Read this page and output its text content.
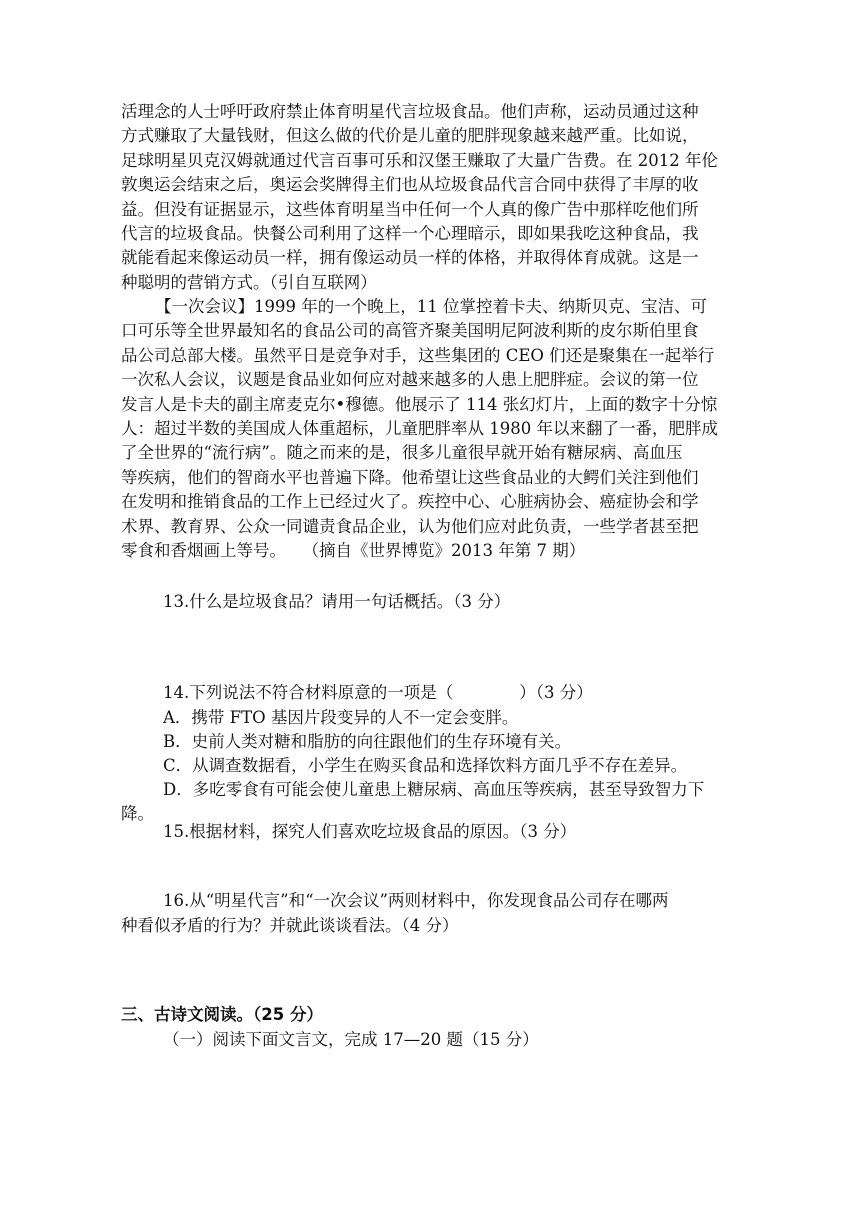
活理念的人士呼吁政府禁止体育明星代言垃圾食品。他们声称，运动员通过这种
方式赚取了大量钱财，但这么做的代价是儿童的肥胖现象越来越严重。比如说，
足球明星贝克汉姆就通过代言百事可乐和汉堡王赚取了大量广告费。在 2012 年伦
敦奥运会结束之后，奥运会奖牌得主们也从垃圾食品代言合同中获得了丰厚的收
益。但没有证据显示，这些体育明星当中任何一个人真的像广告中那样吃他们所
代言的垃圾食品。快餐公司利用了这样一个心理暗示，即如果我吃这种食品，我
就能看起来像运动员一样，拥有像运动员一样的体格，并取得体育成就。这是一
种聪明的营销方式。（引自互联网）
【一次会议】1999 年的一个晚上，11 位掌控着卡夫、纳斯贝克、宝洁、可
口可乐等全世界最知名的食品公司的高管齐聚美国明尼阿波利斯的皮尔斯伯里食
品公司总部大楼。虽然平日是竞争对手，这些集团的 CEO 们还是聚集在一起举行
一次私人会议，议题是食品业如何应对越来越多的人患上肥胖症。会议的第一位
发言人是卡夫的副主席麦克尔•穆德。他展示了 114 张幻灯片，上面的数字十分惊
人：超过半数的美国成人体重超标，儿童肥胖率从 1980 年以来翻了一番，肥胖成
了全世界的“流行病”。随之而来的是，很多儿童很早就开始有糖尿病、高血压
等疾病，他们的智商水平也普遍下降。他希望让这些食品业的大鳄们关注到他们
在发明和推销食品的工作上已经过火了。疾控中心、心脏病协会、癌症协会和学
术界、教育界、公众一同谴责食品企业，认为他们应对此负责，一些学者甚至把
零食和香烟画上等号。　　（摘自《世界博览》2013 年第 7 期）

13.什么是垃圾食品？请用一句话概括。（3 分）

14.下列说法不符合材料原意的一项是（　　　　）（3 分）

A．携带 FTO 基因片段变异的人不一定会变胖。

B．史前人类对糖和脂肪的向往跟他们的生存环境有关。

C．从调查数据看，小学生在购买食品和选择饮料方面几乎不存在差异。

D．多吃零食有可能会使儿童患上糖尿病、高血压等疾病，甚至导致智力下

降。

15.根据材料，探究人们喜欢吃垃圾食品的原因。（3 分）

16.从“明星代言”和“一次会议”两则材料中，你发现食品公司存在哪两

种看似矛盾的行为？并就此谈谈看法。（4 分）

三、古诗文阅读。（25 分）

（一）阅读下面文言文，完成 17—20 题（15 分）
